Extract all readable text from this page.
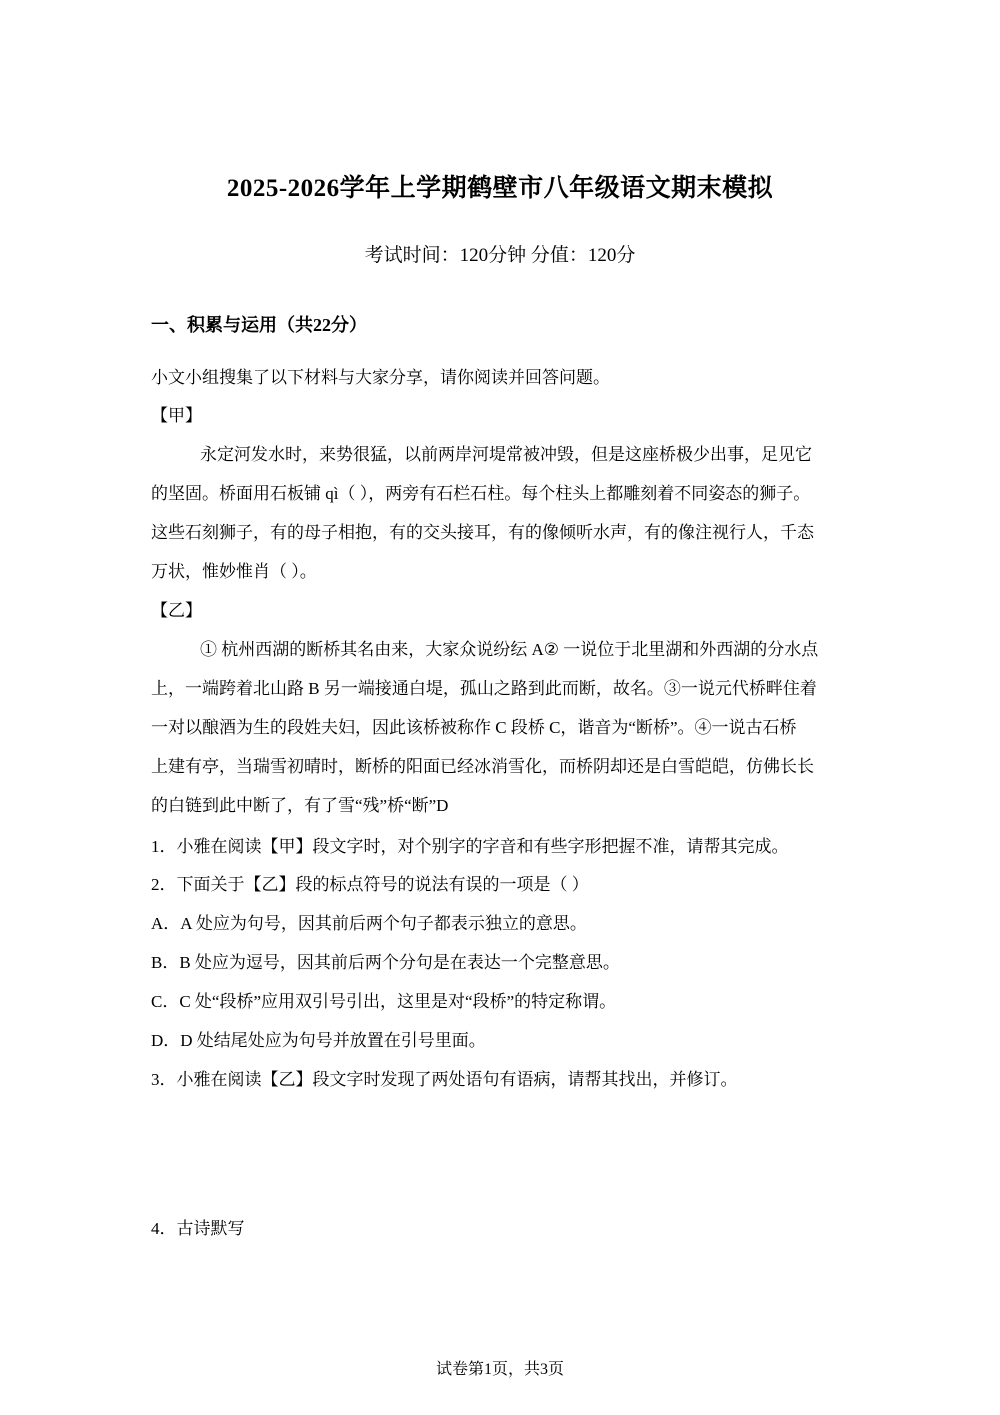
2025-2026学年上学期鹤壁市八年级语文期末模拟
考试时间：120分钟 分值：120分
一、积累与运用（共22分）
小文小组搜集了以下材料与大家分享，请你阅读并回答问题。
【甲】
永定河发水时，来势很猛，以前两岸河堤常被冲毁，但是这座桥极少出事，足见它
的坚固。桥面用石板铺 qì（ ），两旁有石栏石柱。每个柱头上都雕刻着不同姿态的狮子。
这些石刻狮子，有的母子相抱，有的交头接耳，有的像倾听水声，有的像注视行人，千态
万状，惟妙惟肖（ ）。
【乙】
① 杭州西湖的断桥其名由来，大家众说纷纭 A② 一说位于北里湖和外西湖的分水点
上，一端跨着北山路 B 另一端接通白堤，孤山之路到此而断，故名。③一说元代桥畔住着
一对以酿酒为生的段姓夫妇，因此该桥被称作 C 段桥 C，谐音为“断桥”。④一说古石桥
上建有亭，当瑞雪初晴时，断桥的阳面已经冰消雪化，而桥阴却还是白雪皑皑，仿佛长长
的白链到此中断了，有了雪“残”桥“断”D
1．小雅在阅读【甲】段文字时，对个别字的字音和有些字形把握不准，请帮其完成。
2．下面关于【乙】段的标点符号的说法有误的一项是（ ）
A．A 处应为句号，因其前后两个句子都表示独立的意思。
B．B 处应为逗号，因其前后两个分句是在表达一个完整意思。
C．C 处“段桥”应用双引号引出，这里是对“段桥”的特定称谓。
D．D 处结尾处应为句号并放置在引号里面。
3．小雅在阅读【乙】段文字时发现了两处语句有语病，请帮其找出，并修订。
4．古诗默写
试卷第1页，共3页
